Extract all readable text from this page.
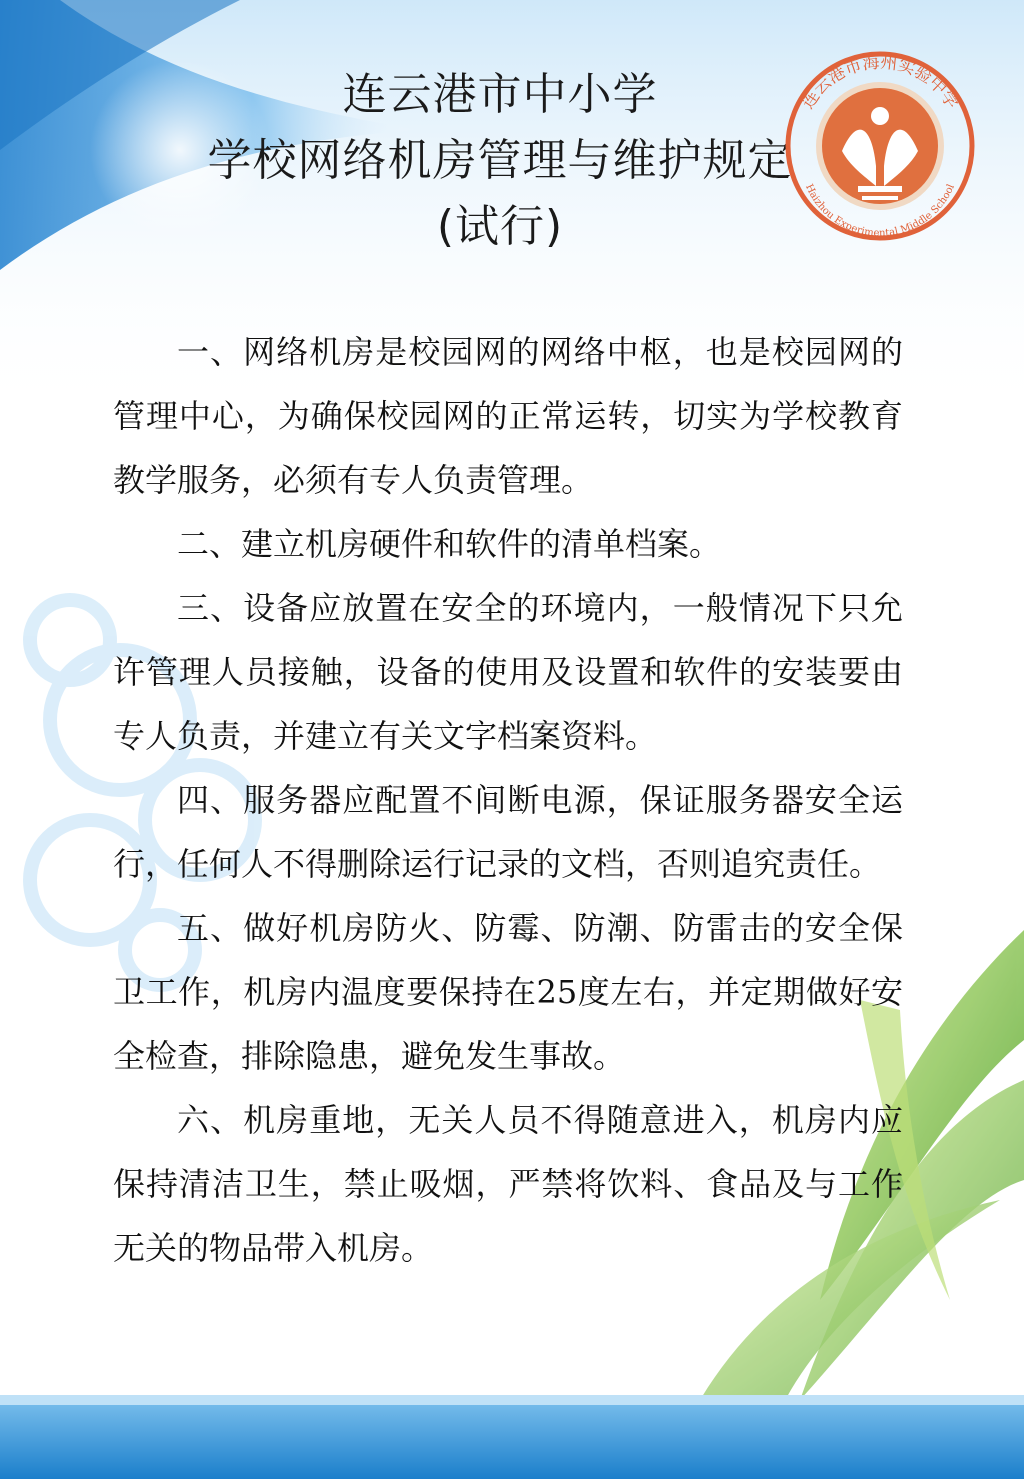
连云港市中小学
学校网络机房管理与维护规定
(试行)
连云港市海州实验中学
Haizhou Experimental Middle School

一、网络机房是校园网的网络中枢，也是校园网的管理中心，为确保校园网的正常运转，切实为学校教育教学服务，必须有专人负责管理。

二、建立机房硬件和软件的清单档案。

三、设备应放置在安全的环境内，一般情况下只允许管理人员接触，设备的使用及设置和软件的安装要由专人负责，并建立有关文字档案资料。

四、服务器应配置不间断电源，保证服务器安全运行，任何人不得删除运行记录的文档，否则追究责任。

五、做好机房防火、防霉、防潮、防雷击的安全保卫工作，机房内温度要保持在25度左右，并定期做好安全检查，排除隐患，避免发生事故。

六、机房重地，无关人员不得随意进入，机房内应保持清洁卫生，禁止吸烟，严禁将饮料、食品及与工作无关的物品带入机房。
